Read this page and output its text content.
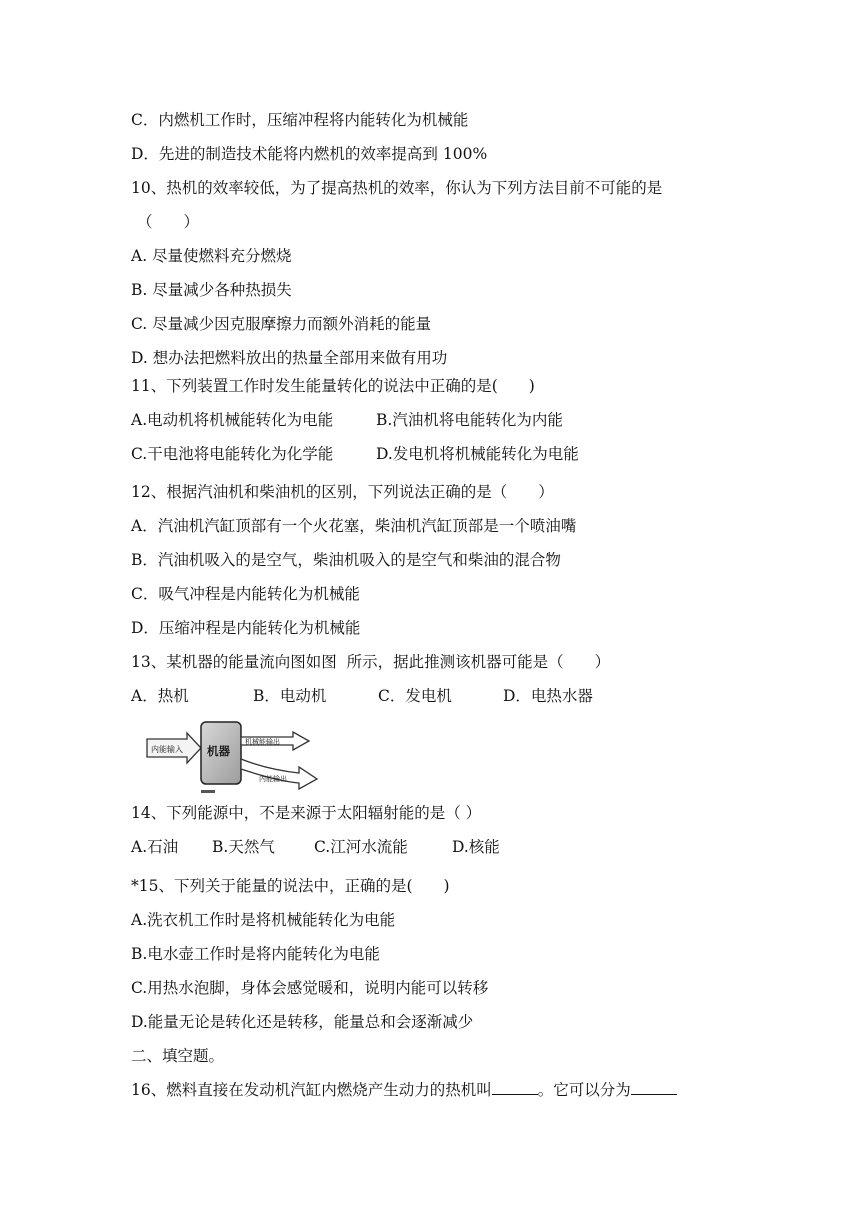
C．内燃机工作时，压缩冲程将内能转化为机械能

D．先进的制造技术能将内燃机的效率提高到 100%

10、热机的效率较低，为了提高热机的效率，你认为下列方法目前不可能的是

（　　）

A. 尽量使燃料充分燃烧

B. 尽量减少各种热损失

C. 尽量减少因克服摩擦力而额外消耗的能量

D. 想办法把燃料放出的热量全部用来做有用功

11、下列装置工作时发生能量转化的说法中正确的是(　　)

A.电动机将机械能转化为电能

	B.汽油机将电能转化为内能

C.干电池将电能转化为化学能

	D.发电机将机械能转化为电能

12、根据汽油机和柴油机的区别，下列说法正确的是（　　）

A．汽油机汽缸顶部有一个火花塞，柴油机汽缸顶部是一个喷油嘴

B．汽油机吸入的是空气，柴油机吸入的是空气和柴油的混合物

C．吸气冲程是内能转化为机械能

D．压缩冲程是内能转化为机械能

13、某机器的能量流向图如图  所示，据此推测该机器可能是（　　）

A．热机

	B．电动机

	C．发电机

	D．电热水器

内能输入 机器
机械能输出
内能输出

14、下列能源中，不是来源于太阳辐射能的是（ ）

A.石油

B.天然气

	C.江河水流能

	D.核能

*15、下列关于能量的说法中，正确的是(　　)

A.洗衣机工作时是将机械能转化为电能

B.电水壶工作时是将内能转化为电能

C.用热水泡脚，身体会感觉暖和，说明内能可以转移

D.能量无论是转化还是转移，能量总和会逐渐减少

二、填空题。

16、燃料直接在发动机汽缸内燃烧产生动力的热机叫	。它可以分为
